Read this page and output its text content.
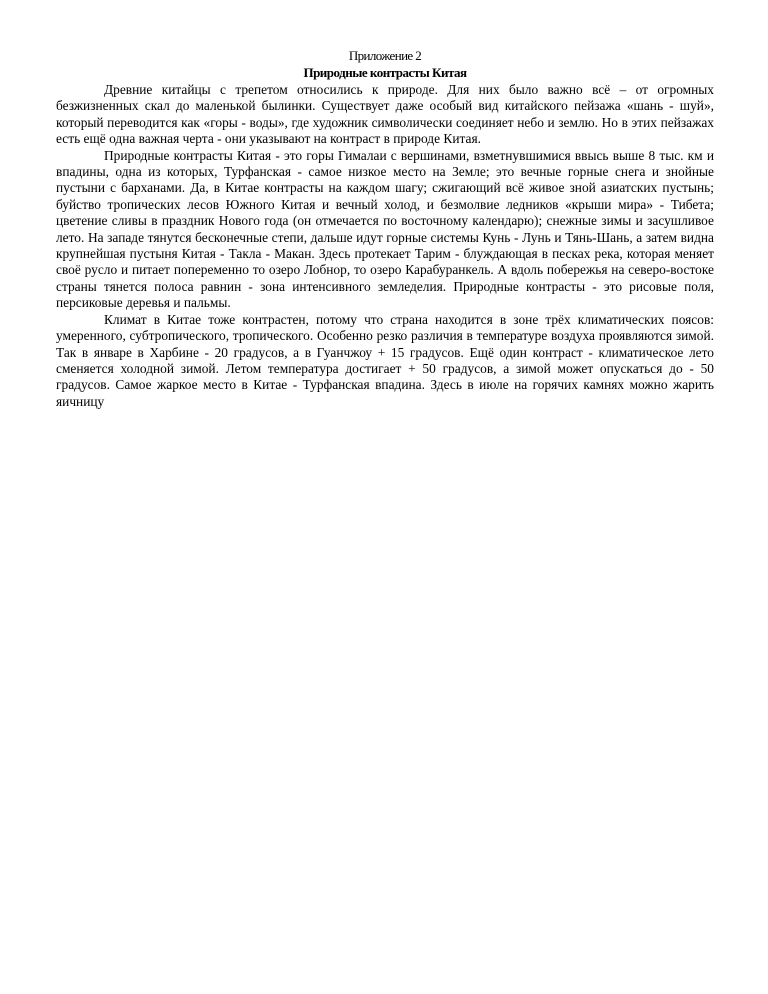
Приложение 2

Природные контрасты Китая

Древние китайцы с трепетом относились к природе. Для них было важно всё – от огромных безжизненных скал до маленькой былинки. Существует даже особый вид китайского пейзажа «шань - шуй», который переводится как «горы - воды», где художник символически соединяет небо и землю. Но в этих пейзажах есть ещё одна важная черта - они указывают на контраст в природе Китая.

Природные контрасты Китая - это горы Гималаи с вершинами, взметнувшимися ввысь выше 8 тыс. км и впадины, одна из которых, Турфанская - самое низкое место на Земле; это вечные горные снега и знойные пустыни с барханами. Да, в Китае контрасты на каждом шагу; сжигающий всё живое зной азиатских пустынь; буйство тропических лесов Южного Китая и вечный холод, и безмолвие ледников «крыши мира» - Тибета; цветение сливы в праздник Нового года (он отмечается по восточному календарю); снежные зимы и засушливое лето. На западе тянутся бесконечные степи, дальше идут горные системы Кунь - Лунь и Тянь-Шань, а затем видна крупнейшая пустыня Китая - Такла - Макан. Здесь протекает Тарим - блуждающая в песках река, которая меняет своё русло и питает попеременно то озеро Лобнор, то озеро Карабуранкель. А вдоль побережья на северо-востоке страны тянется полоса равнин - зона интенсивного земледелия. Природные контрасты - это рисовые поля, персиковые деревья и пальмы.

Климат в Китае тоже контрастен, потому что страна находится в зоне трёх климатических поясов: умеренного, субтропического, тропического. Особенно резко различия в температуре воздуха проявляются зимой. Так в январе в Харбине - 20 градусов, а в Гуанчжоу + 15 градусов. Ещё один контраст - климатическое лето сменяется холодной зимой. Летом температура достигает + 50 градусов, а зимой может опускаться до - 50 градусов. Самое жаркое место в Китае - Турфанская впадина. Здесь в июле на горячих камнях можно жарить яичницу
